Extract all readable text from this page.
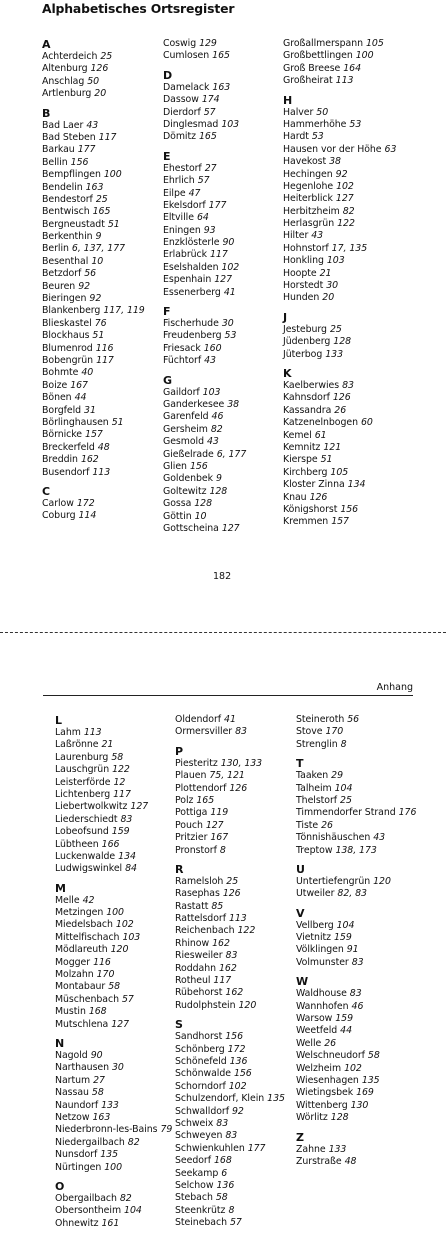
Alphabetisches Ortsregister
A
Achterdeich 25
Altenburg 126
Anschlag 50
Artlenburg 20
B
Bad Laer 43
Bad Steben 117
Barkau 177
Bellin 156
Bempflingen 100
Bendelin 163
Bendestorf 25
Bentwisch 165
Bergneustadt 51
Berkenthin 9
Berlin 6, 137, 177
Besenthal 10
Betzdorf 56
Beuren 92
Bieringen 92
Blankenberg 117, 119
Blieskastel 76
Blockhaus 51
Blumenrod 116
Bobengrün 117
Bohmte 40
Boize 167
Bönen 44
Borgfeld 31
Börlinghausen 51
Börnicke 157
Breckerfeld 48
Breddin 162
Busendorf 113
C
Carlow 172
Coburg 114
Coswig 129
Cumlosen 165
D
Damelack 163
Dassow 174
Dierdorf 57
Dinglesmad 103
Dömitz 165
E
Ehestorf 27
Ehrlich 57
Eilpe 47
Ekelsdorf 177
Eltville 64
Eningen 93
Enzklösterle 90
Erlabrück 117
Eselshalden 102
Espenhain 127
Essenerberg 41
F
Fischerhude 30
Freudenberg 53
Friesack 160
Füchtorf 43
G
Gaildorf 103
Ganderkesee 38
Garenfeld 46
Gersheim 82
Gesmold 43
Gießelrade 6, 177
Glien 156
Goldenbek 9
Goltewitz 128
Gossa 128
Göttin 10
Gottscheina 127
Großallmerspann 105
Großbettlingen 100
Groß Breese 164
Großheirat 113
H
Halver 50
Hammerhöhe 53
Hardt 53
Hausen vor der Höhe 63
Havekost 38
Hechingen 92
Hegenlohe 102
Heiterblick 127
Herbitzheim 82
Herlasgrün 122
Hilter 43
Hohnstorf 17, 135
Honkling 103
Hoopte 21
Horstedt 30
Hunden 20
J
Jesteburg 25
Jüdenberg 128
Jüterbog 133
K
Kaelberwies 83
Kahnsdorf 126
Kassandra 26
Katzenelnbogen 60
Kemel 61
Kemnitz 121
Kierspe 51
Kirchberg 105
Kloster Zinna 134
Knau 126
Königshorst 156
Kremmen 157
182
Anhang
L
Lahm 113
Laßrönne 21
Laurenburg 58
Lauschgrün 122
Leisterförde 12
Lichtenberg 117
Liebertwolkwitz 127
Liederschiedt 83
Lobeofsund 159
Lübtheen 166
Luckenwalde 134
Ludwigswinkel 84
M
Melle 42
Metzingen 100
Miedelsbach 102
Mittelfischach 103
Mödlareuth 120
Mogger 116
Molzahn 170
Montabaur 58
Müschenbach 57
Mustin 168
Mutschlena 127
N
Nagold 90
Narthausen 30
Nartum 27
Nassau 58
Naundorf 133
Netzow 163
Niederbronn-les-Bains 79
Niedergailbach 82
Nunsdorf 135
Nürtingen 100
O
Obergailbach 82
Obersontheim 104
Ohnewitz 161
Oldendorf 41
Ormersviller 83
P
Piesteritz 130, 133
Plauen 75, 121
Plottendorf 126
Polz 165
Pottiga 119
Pouch 127
Pritzier 167
Pronstorf 8
R
Ramelsloh 25
Rasephas 126
Rastatt 85
Rattelsdorf 113
Reichenbach 122
Rhinow 162
Riesweiler 83
Roddahn 162
Rotheul 117
Rübehorst 162
Rudolphstein 120
S
Sandhorst 156
Schönberg 172
Schönefeld 136
Schönwalde 156
Schorndorf 102
Schulzendorf, Klein 135
Schwalldorf 92
Schweix 83
Schweyen 83
Schwienkuhlen 177
Seedorf 168
Seekamp 6
Selchow 136
Stebach 58
Steenkrütz 8
Steinebach 57
Steineroth 56
Stove 170
Strenglin 8
T
Taaken 29
Talheim 104
Thelstorf 25
Timmendorfer Strand 176
Tiste 26
Tönnishäuschen 43
Treptow 138, 173
U
Untertiefengrün 120
Utweiler 82, 83
V
Vellberg 104
Vietnitz 159
Völklingen 91
Volmunster 83
W
Waldhouse 83
Wannhofen 46
Warsow 159
Weetfeld 44
Welle 26
Welschneudorf 58
Welzheim 102
Wiesenhagen 135
Wietingsbek 169
Wittenberg 130
Wörlitz 128
Z
Zahne 133
Zurstraße 48
